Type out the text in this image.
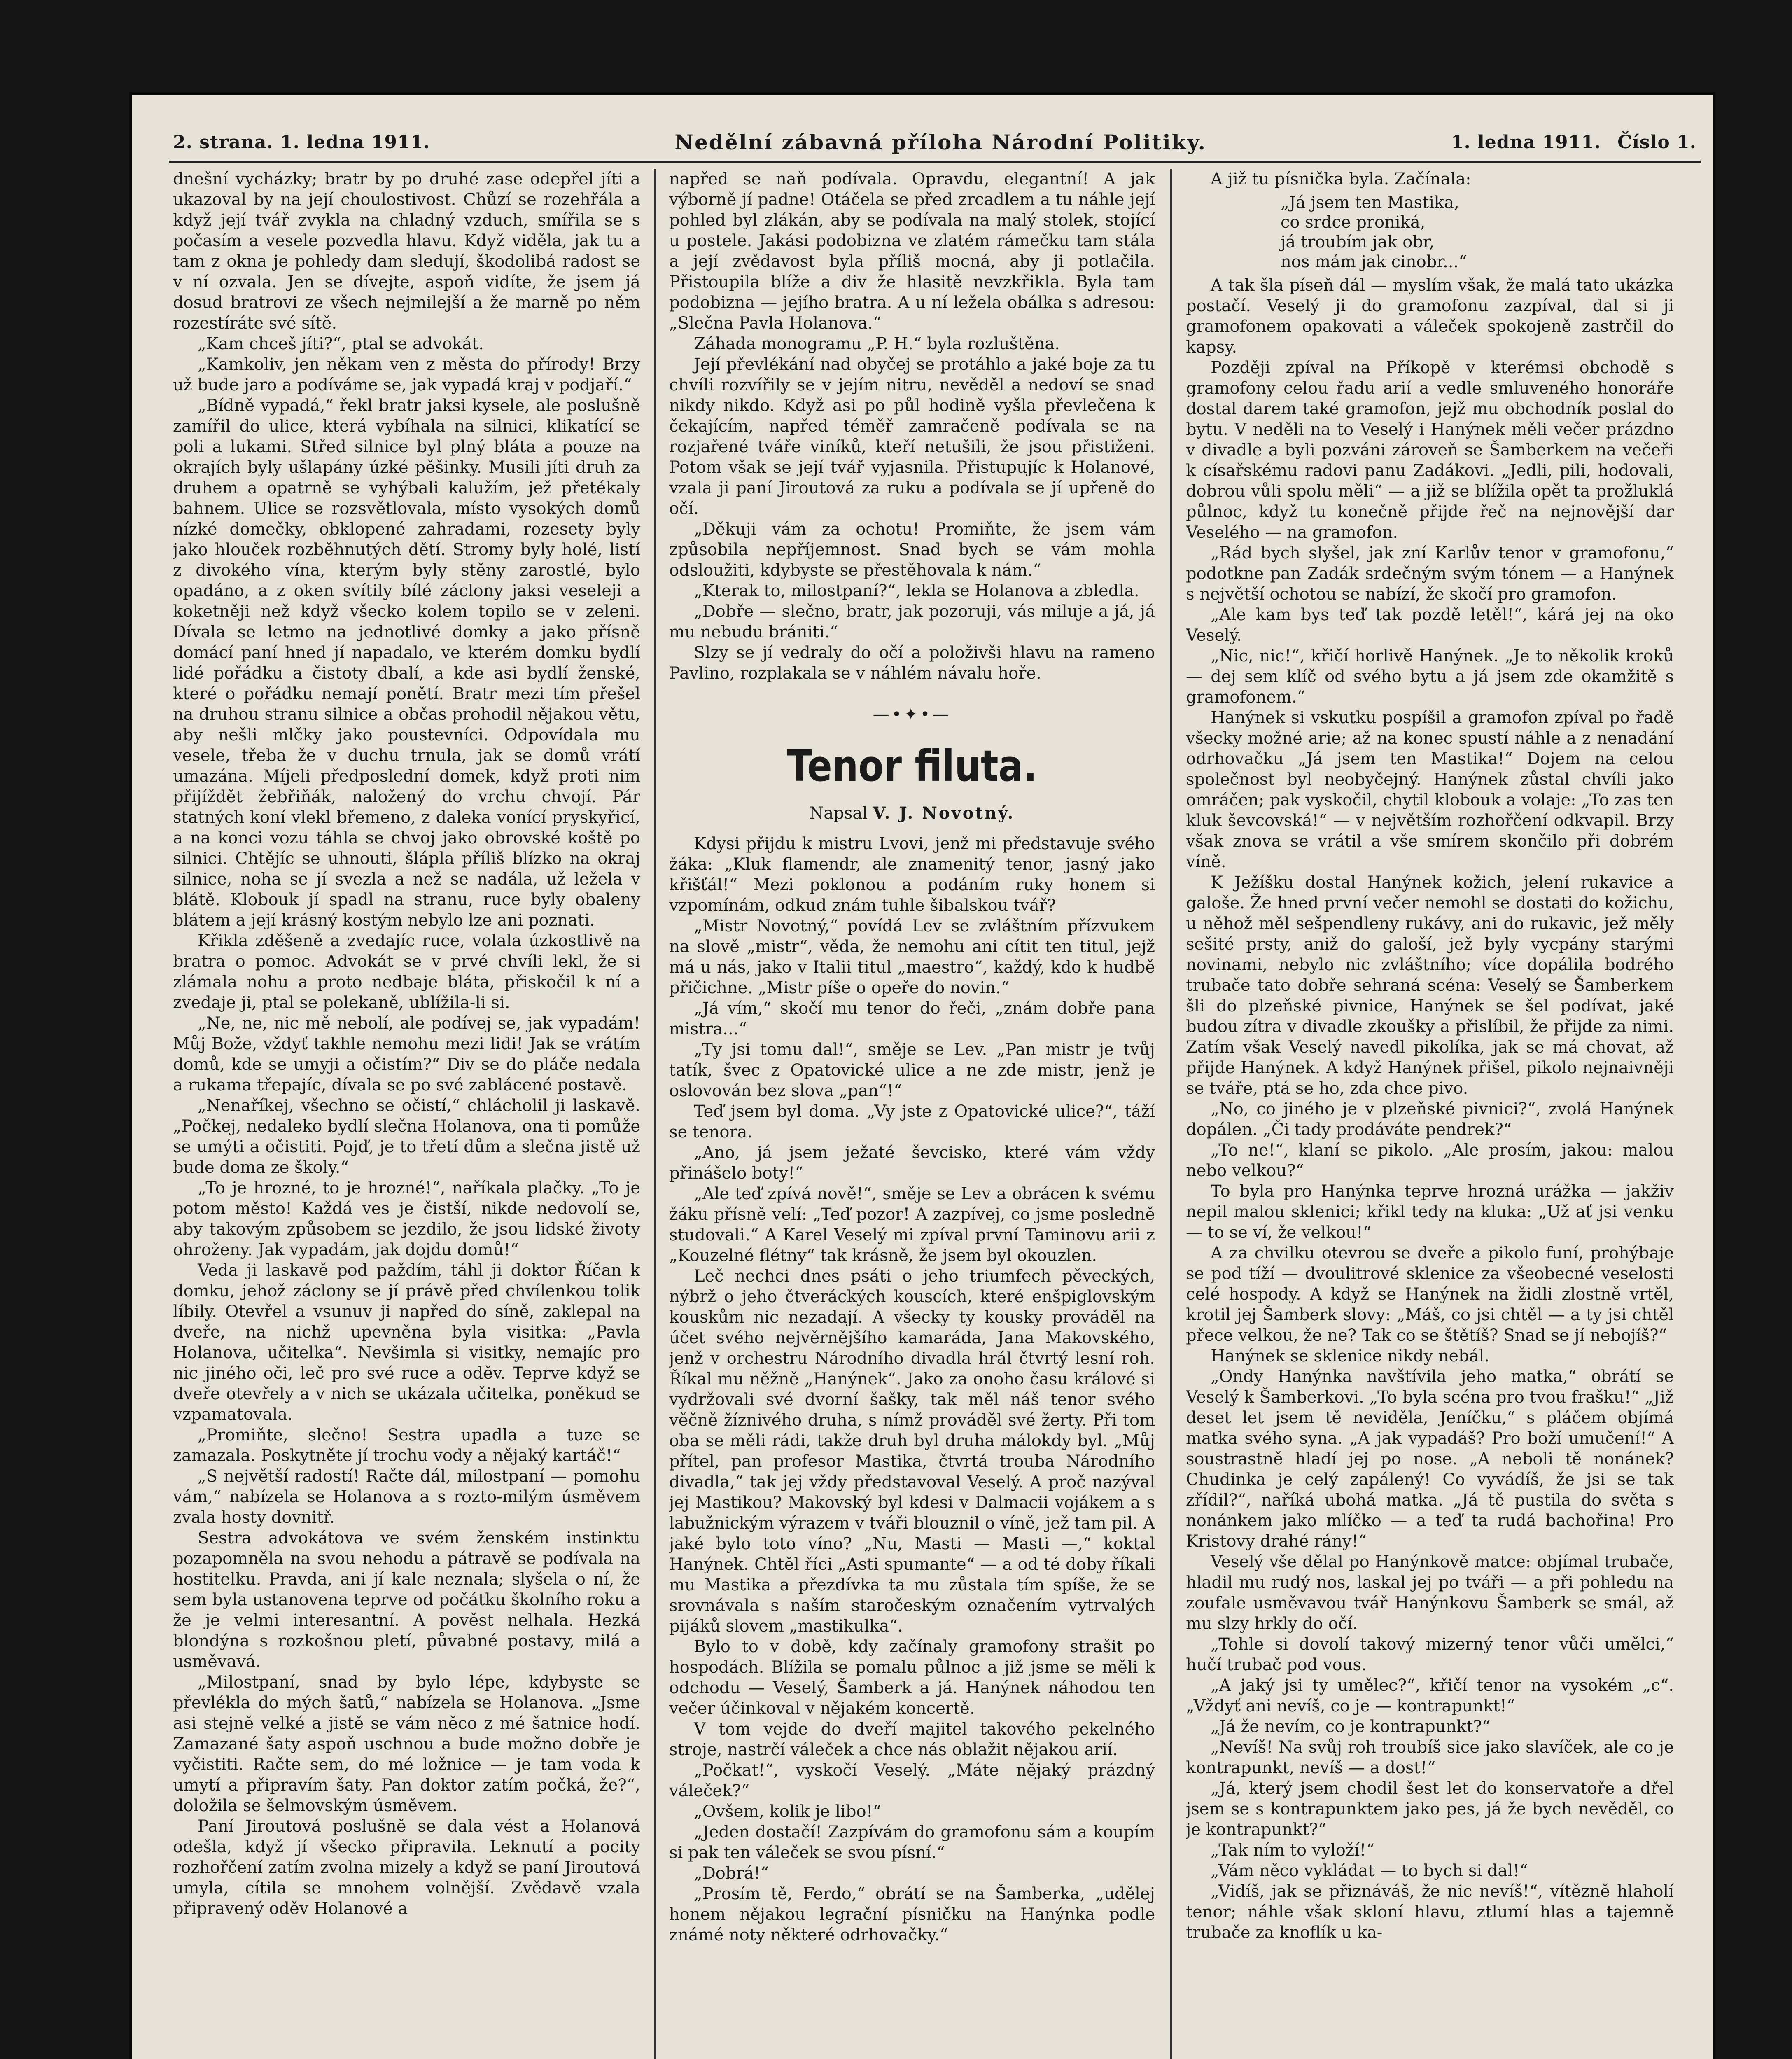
2. strana. 1. ledna 1911.	Nedělní zábavná příloha Národní Politiky.	1. ledna 1911. Číslo 1.

dnešní vycházky; bratr by po druhé zase odepřel jíti a ukazoval by na její choulostivost. Chůzí se rozehřála a když její tvář zvykla na chladný vzduch, smířila se s počasím a vesele pozvedla hlavu. Když viděla, jak tu a tam z okna je pohledy dam sledují, škodolibá radost se v ní ozvala. Jen se dívejte, aspoň vidíte, že jsem já dosud bratrovi ze všech nejmilejší a že marně po něm rozestíráte své sítě.

„Kam chceš jíti?“, ptal se advokát.

„Kamkoliv, jen někam ven z města do přírody! Brzy už bude jaro a podíváme se, jak vypadá kraj v podjaří.“

„Bídně vypadá,“ řekl bratr jaksi kysele, ale poslušně zamířil do ulice, která vybíhala na silnici, klikatící se poli a lukami. Střed silnice byl plný bláta a pouze na okrajích byly ušlapány úzké pěšinky. Musili jíti druh za druhem a opatrně se vyhýbali kalužím, jež přetékaly bahnem. Ulice se rozsvětlovala, místo vysokých domů nízké domečky, obklopené zahradami, rozesety byly jako hlouček rozběhnutých dětí. Stromy byly holé, listí z divokého vína, kterým byly stěny zarostlé, bylo opadáno, a z oken svítily bílé záclony jaksi veseleji a koketněji než když všecko kolem topilo se v zeleni. Dívala se letmo na jednotlivé domky a jako přísně domácí paní hned jí napadalo, ve kterém domku bydlí lidé pořádku a čistoty dbalí, a kde asi bydlí ženské, které o pořádku nemají ponětí. Bratr mezi tím přešel na druhou stranu silnice a občas prohodil nějakou větu, aby nešli mlčky jako poustevníci. Odpovídala mu vesele, třeba že v duchu trnula, jak se domů vrátí umazána. Míjeli předposlední domek, když proti nim přijíždět žebřiňák, naložený do vrchu chvojí. Pár statných koní vlekl břemeno, z daleka vonící pryskyřicí, a na konci vozu táhla se chvoj jako obrovské koště po silnici. Chtějíc se uhnouti, šlápla příliš blízko na okraj silnice, noha se jí svezla a než se nadála, už ležela v blátě. Klobouk jí spadl na stranu, ruce byly obaleny blátem a její krásný kostým nebylo lze ani poznati.

Křikla zděšeně a zvedajíc ruce, volala úzkostlivě na bratra o pomoc. Advokát se v prvé chvíli lekl, že si zlámala nohu a proto nedbaje bláta, přiskočil k ní a zvedaje ji, ptal se polekaně, ublížila-li si.

„Ne, ne, nic mě nebolí, ale podívej se, jak vypadám! Můj Bože, vždyť takhle nemohu mezi lidi! Jak se vrátím domů, kde se umyji a očistím?“ Div se do pláče nedala a rukama třepajíc, dívala se po své zablácené postavě.

„Nenaříkej, všechno se očistí,“ chlácholil ji laskavě. „Počkej, nedaleko bydlí slečna Holanova, ona ti pomůže se umýti a očistiti. Pojď, je to třetí dům a slečna jistě už bude doma ze školy.“

„To je hrozné, to je hrozné!“, naříkala plačky. „To je potom město! Každá ves je čistší, nikde nedovolí se, aby takovým způsobem se jezdilo, že jsou lidské životy ohroženy. Jak vypadám, jak dojdu domů!“

Veda ji laskavě pod paždím, táhl ji doktor Říčan k domku, jehož záclony se jí právě před chvílenkou tolik líbily. Otevřel a vsunuv ji napřed do síně, zaklepal na dveře, na nichž upevněna byla visitka: „Pavla Holanova, učitelka“. Nevšimla si visitky, nemajíc pro nic jiného oči, leč pro své ruce a oděv. Teprve když se dveře otevřely a v nich se ukázala učitelka, poněkud se vzpamatovala.

„Promiňte, slečno! Sestra upadla a tuze se zamazala. Poskytněte jí trochu vody a nějaký kartáč!“

„S největší radostí! Račte dál, milostpaní — pomohu vám,“ nabízela se Holanova a s rozto-milým úsměvem zvala hosty dovnitř.

Sestra advokátova ve svém ženském instinktu pozapomněla na svou nehodu a pátravě se podívala na hostitelku. Pravda, ani jí kale neznala; slyšela o ní, že sem byla ustanovena teprve od počátku školního roku a že je velmi interesantní. A pověst nelhala. Hezká blondýna s rozkošnou pletí, půvabné postavy, milá a usměvavá.

„Milostpaní, snad by bylo lépe, kdybyste se převlékla do mých šatů,“ nabízela se Holanova. „Jsme asi stejně velké a jistě se vám něco z mé šatnice hodí. Zamazané šaty aspoň uschnou a bude možno dobře je vyčistiti. Račte sem, do mé ložnice — je tam voda k umytí a připravím šaty. Pan doktor zatím počká, že?“, doložila se šelmovským úsměvem.

Paní Jiroutová poslušně se dala vést a Holanová odešla, když jí všecko připravila. Leknutí a pocity rozhořčení zatím zvolna mizely a když se paní Jiroutová umyla, cítila se mnohem volnější. Zvědavě vzala připravený oděv Holanové a

napřed se naň podívala. Opravdu, elegantní! A jak výborně jí padne! Otáčela se před zrcadlem a tu náhle její pohled byl zlákán, aby se podívala na malý stolek, stojící u postele. Jakási podobizna ve zlatém rámečku tam stála a její zvědavost byla příliš mocná, aby ji potlačila. Přistoupila blíže a div že hlasitě nevzkřikla. Byla tam podobizna — jejího bratra. A u ní ležela obálka s adresou: „Slečna Pavla Holanova.“

Záhada monogramu „P. H.“ byla rozluštěna.

Její převlékání nad obyčej se protáhlo a jaké boje za tu chvíli rozvířily se v jejím nitru, nevěděl a nedoví se snad nikdy nikdo. Když asi po půl hodině vyšla převlečena k čekajícím, napřed téměř zamračeně podívala se na rozjařené tváře viníků, kteří netušili, že jsou přistiženi. Potom však se její tvář vyjasnila. Přistupujíc k Holanové, vzala ji paní Jiroutová za ruku a podívala se jí upřeně do očí.

„Děkuji vám za ochotu! Promiňte, že jsem vám způsobila nepříjemnost. Snad bych se vám mohla odsloužiti, kdybyste se přestěhovala k nám.“

„Kterak to, milostpaní?“, lekla se Holanova a zbledla.

„Dobře — slečno, bratr, jak pozoruji, vás miluje a já, já mu nebudu brániti.“

Slzy se jí vedraly do očí a položivši hlavu na rameno Pavlino, rozplakala se v náhlém návalu hoře.

—•✦•—
Tenor filuta.
Napsal V. J. Novotný.

Kdysi přijdu k mistru Lvovi, jenž mi představuje svého žáka: „Kluk flamendr, ale znamenitý tenor, jasný jako křišťál!“ Mezi poklonou a podáním ruky honem si vzpomínám, odkud znám tuhle šibalskou tvář?

„Mistr Novotný,“ povídá Lev se zvláštním přízvukem na slově „mistr“, věda, že nemohu ani cítit ten titul, jejž má u nás, jako v Italii titul „maestro“, každý, kdo k hudbě přičichne. „Mistr píše o opeře do novin.“

„Já vím,“ skočí mu tenor do řeči, „znám dobře pana mistra...“

„Ty jsi tomu dal!“, směje se Lev. „Pan mistr je tvůj tatík, švec z Opatovické ulice a ne zde mistr, jenž je oslovován bez slova „pan“!“

Teď jsem byl doma. „Vy jste z Opatovické ulice?“, táží se tenora.

„Ano, já jsem ježaté ševcisko, které vám vždy přinášelo boty!“

„Ale teď zpívá nově!“, směje se Lev a obrácen k svému žáku přísně velí: „Teď pozor! A zazpívej, co jsme posledně studovali.“ A Karel Veselý mi zpíval první Taminovu arii z „Kouzelné flétny“ tak krásně, že jsem byl okouzlen.

Leč nechci dnes psáti o jeho triumfech pěveckých, nýbrž o jeho čtveráckých kouscích, které enšpiglovským kouskům nic nezadají. A všecky ty kousky prováděl na účet svého nejvěrnějšího kamaráda, Jana Makovského, jenž v orchestru Národního divadla hrál čtvrtý lesní roh. Říkal mu něžně „Hanýnek“. Jako za onoho času králové si vydržovali své dvorní šašky, tak měl náš tenor svého věčně žíznivého druha, s nímž prováděl své žerty. Při tom oba se měli rádi, takže druh byl druha málokdy byl. „Můj přítel, pan profesor Mastika, čtvrtá trouba Národního divadla,“ tak jej vždy představoval Veselý. A proč nazýval jej Mastikou? Makovský byl kdesi v Dalmacii vojákem a s labužnickým výrazem v tváři blouznil o víně, jež tam pil. A jaké bylo toto víno? „Nu, Masti — Masti —,“ koktal Hanýnek. Chtěl říci „Asti spumante“ — a od té doby říkali mu Mastika a přezdívka ta mu zůstala tím spíše, že se srovnávala s naším staročeským označením vytrvalých pijáků slovem „mastikulka“.

Bylo to v době, kdy začínaly gramofony strašit po hospodách. Blížila se pomalu půlnoc a již jsme se měli k odchodu — Veselý, Šamberk a já. Hanýnek náhodou ten večer účinkoval v nějakém koncertě.

V tom vejde do dveří majitel takového pekelného stroje, nastrčí váleček a chce nás oblažit nějakou arií.

„Počkat!“, vyskočí Veselý. „Máte nějaký prázdný váleček?“

„Ovšem, kolik je libo!“

„Jeden dostačí! Zazpívám do gramofonu sám a koupím si pak ten váleček se svou písní.“

„Dobrá!“

„Prosím tě, Ferdo,“ obrátí se na Šamberka, „udělej honem nějakou legrační písničku na Hanýnka podle známé noty některé odrhovačky.“

A již tu písnička byla. Začínala:

„Já jsem ten Mastika,
co srdce proniká,
já troubím jak obr,
nos mám jak cinobr...“

A tak šla píseň dál — myslím však, že malá tato ukázka postačí. Veselý ji do gramofonu zazpíval, dal si ji gramofonem opakovati a váleček spokojeně zastrčil do kapsy.

Později zpíval na Příkopě v kterémsi obchodě s gramofony celou řadu arií a vedle smluveného honoráře dostal darem také gramofon, jejž mu obchodník poslal do bytu. V neděli na to Veselý i Hanýnek měli večer prázdno v divadle a byli pozváni zároveň se Šamberkem na večeři k císařskému radovi panu Zadákovi. „Jedli, pili, hodovali, dobrou vůli spolu měli“ — a již se blížila opět ta prožluklá půlnoc, když tu konečně přijde řeč na nejnovější dar Veselého — na gramofon.

„Rád bych slyšel, jak zní Karlův tenor v gramofonu,“ podotkne pan Zadák srdečným svým tónem — a Hanýnek s největší ochotou se nabízí, že skočí pro gramofon.

„Ale kam bys teď tak pozdě letěl!“, kárá jej na oko Veselý.

„Nic, nic!“, křičí horlivě Hanýnek. „Je to několik kroků — dej sem klíč od svého bytu a já jsem zde okamžitě s gramofonem.“

Hanýnek si vskutku pospíšil a gramofon zpíval po řadě všecky možné arie; až na konec spustí náhle a z nenadání odrhovačku „Já jsem ten Mastika!“ Dojem na celou společnost byl neobyčejný. Hanýnek zůstal chvíli jako omráčen; pak vyskočil, chytil klobouk a volaje: „To zas ten kluk ševcovská!“ — v největším rozhořčení odkvapil. Brzy však znova se vrátil a vše smírem skončilo při dobrém víně.

K Ježíšku dostal Hanýnek kožich, jelení rukavice a galoše. Že hned první večer nemohl se dostati do kožichu, u něhož měl sešpendleny rukávy, ani do rukavic, jež měly sešité prsty, aniž do galoší, jež byly vycpány starými novinami, nebylo nic zvláštního; více dopálila bodrého trubače tato dobře sehraná scéna: Veselý se Šamberkem šli do plzeňské pivnice, Hanýnek se šel podívat, jaké budou zítra v divadle zkoušky a přislíbil, že přijde za nimi. Zatím však Veselý navedl pikolíka, jak se má chovat, až přijde Hanýnek. A když Hanýnek přišel, pikolo nejnaivněji se tváře, ptá se ho, zda chce pivo.

„No, co jiného je v plzeňské pivnici?“, zvolá Hanýnek dopálen. „Či tady prodáváte pendrek?“

„To ne!“, klaní se pikolo. „Ale prosím, jakou: malou nebo velkou?“

To byla pro Hanýnka teprve hrozná urážka — jakživ nepil malou sklenici; křikl tedy na kluka: „Už ať jsi venku — to se ví, že velkou!“

A za chvilku otevrou se dveře a pikolo funí, prohýbaje se pod tíží — dvoulitrové sklenice za všeobecné veselosti celé hospody. A když se Hanýnek na židli zlostně vrtěl, krotil jej Šamberk slovy: „Máš, co jsi chtěl — a ty jsi chtěl přece velkou, že ne? Tak co se štětíš? Snad se jí nebojíš?“

Hanýnek se sklenice nikdy nebál.

„Ondy Hanýnka navštívila jeho matka,“ obrátí se Veselý k Šamberkovi. „To byla scéna pro tvou frašku!“ „Již deset let jsem tě neviděla, Jeníčku,“ s pláčem objímá matka svého syna. „A jak vypadáš? Pro boží umučení!“ A soustrastně hladí jej po nose. „A neboli tě nonánek? Chudinka je celý zapálený! Co vyvádíš, že jsi se tak zřídil?“, naříká ubohá matka. „Já tě pustila do světa s nonánkem jako mlíčko — a teď ta rudá bachořina! Pro Kristovy drahé rány!“

Veselý vše dělal po Hanýnkově matce: objímal trubače, hladil mu rudý nos, laskal jej po tváři — a při pohledu na zoufale usměvavou tvář Hanýnkovu Šamberk se smál, až mu slzy hrkly do očí.

„Tohle si dovolí takový mizerný tenor vůči umělci,“ hučí trubač pod vous.

„A jaký jsi ty umělec?“, křičí tenor na vysokém „c“. „Vždyť ani nevíš, co je — kontrapunkt!“

„Já že nevím, co je kontrapunkt?“

„Nevíš! Na svůj roh troubíš sice jako slavíček, ale co je kontrapunkt, nevíš — a dost!“

„Já, který jsem chodil šest let do konservatoře a dřel jsem se s kontrapunktem jako pes, já že bych nevěděl, co je kontrapunkt?“

„Tak ním to vyloží!“

„Vám něco vykládat — to bych si dal!“

„Vidíš, jak se přiznáváš, že nic nevíš!“, vítězně hlaholí tenor; náhle však skloní hlavu, ztlumí hlas a tajemně trubače za knoflík u ka-
